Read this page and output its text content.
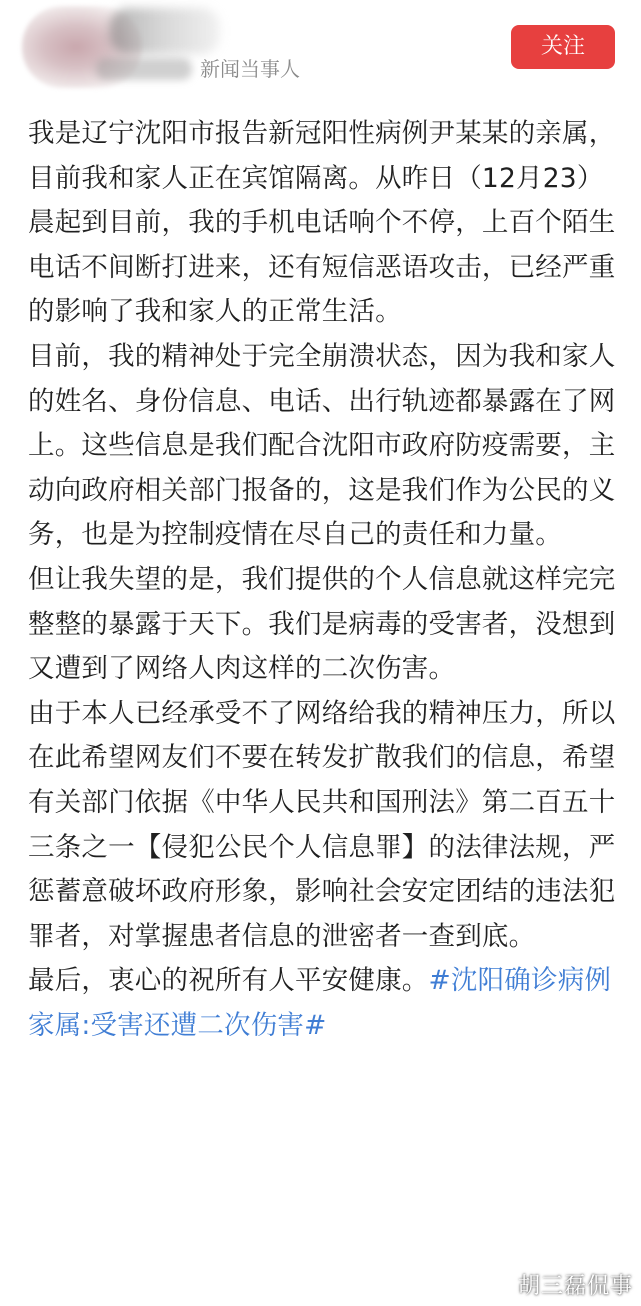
新闻当事人
关注

我是辽宁沈阳市报告新冠阳性病例尹某某的亲属，目前我和家人正在宾馆隔离。从昨日（12月23）晨起到目前，我的手机电话响个不停，上百个陌生电话不间断打进来，还有短信恶语攻击，已经严重的影响了我和家人的正常生活。

目前，我的精神处于完全崩溃状态，因为我和家人的姓名、身份信息、电话、出行轨迹都暴露在了网上。这些信息是我们配合沈阳市政府防疫需要，主动向政府相关部门报备的，这是我们作为公民的义务，也是为控制疫情在尽自己的责任和力量。

但让我失望的是，我们提供的个人信息就这样完完整整的暴露于天下。我们是病毒的受害者，没想到又遭到了网络人肉这样的二次伤害。

由于本人已经承受不了网络给我的精神压力，所以在此希望网友们不要在转发扩散我们的信息，希望有关部门依据《中华人民共和国刑法》第二百五十三条之一【侵犯公民个人信息罪】的法律法规，严惩蓄意破坏政府形象，影响社会安定团结的违法犯罪者，对掌握患者信息的泄密者一查到底。

最后，衷心的祝所有人平安健康。#沈阳确诊病例家属:受害还遭二次伤害#

胡三磊侃事
